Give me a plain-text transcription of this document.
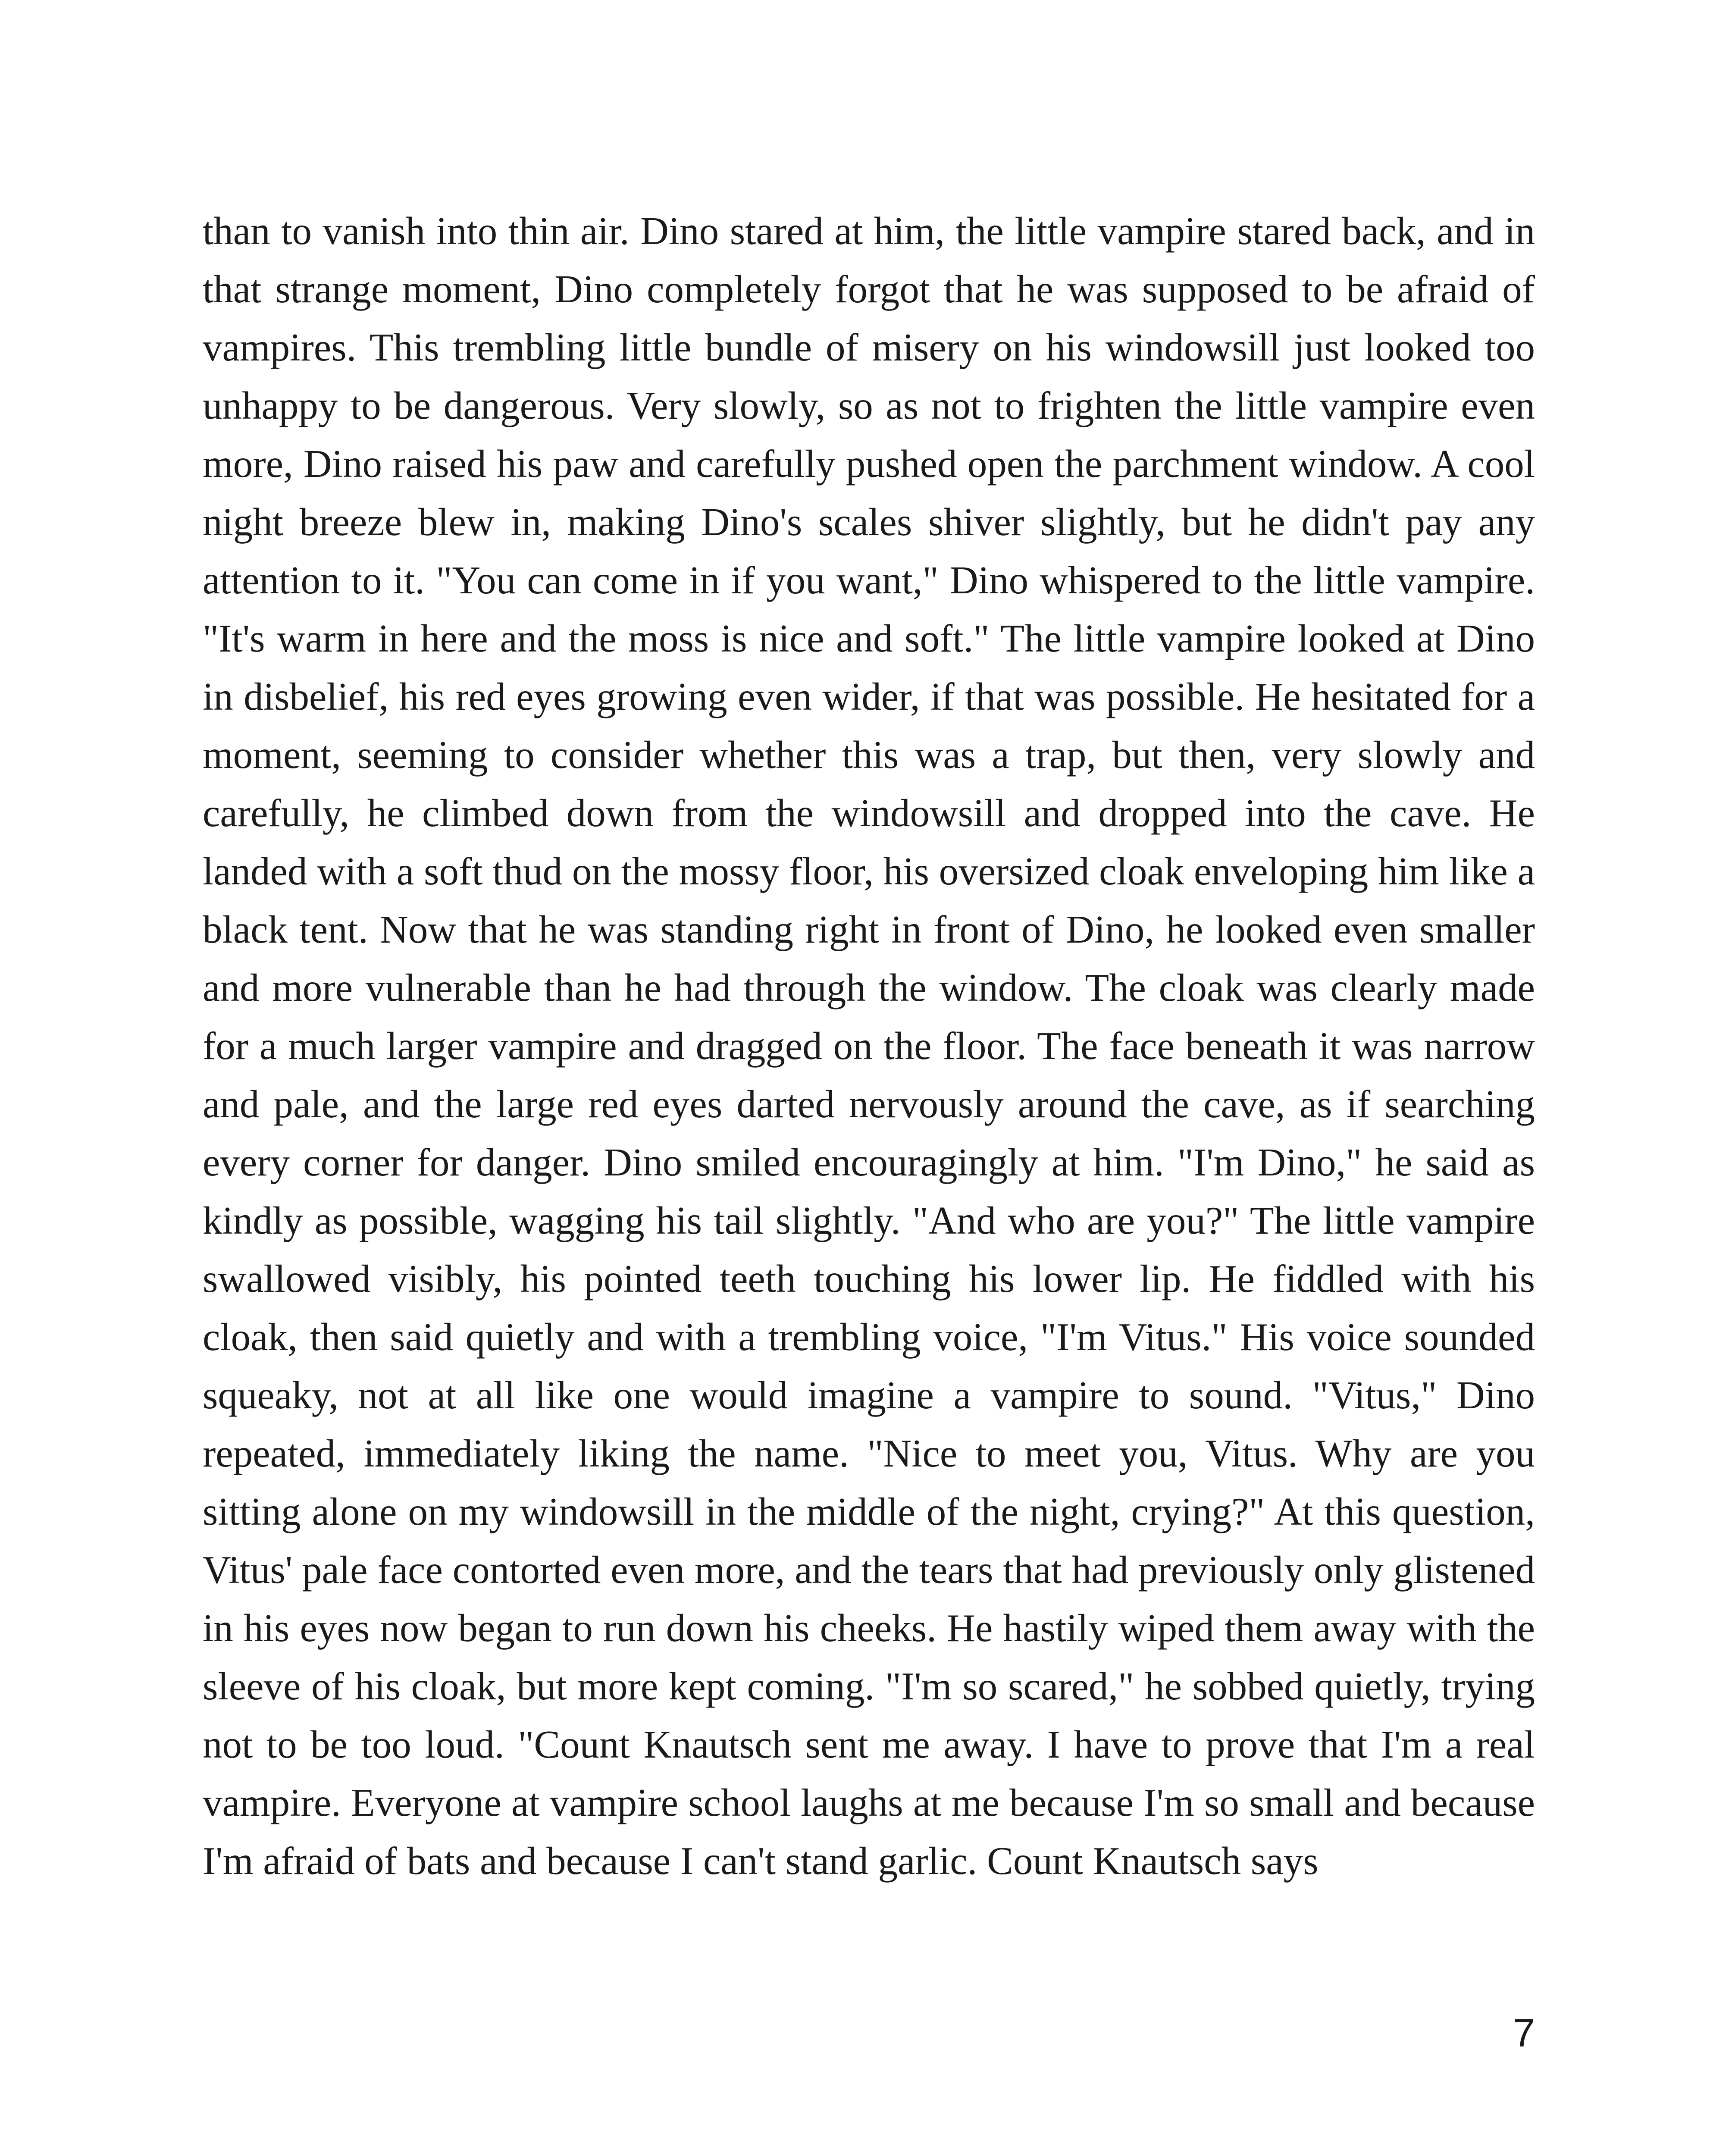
than to vanish into thin air. Dino stared at him, the little vampire stared back, and in that strange moment, Dino completely forgot that he was supposed to be afraid of vampires. This trembling little bundle of misery on his windowsill just looked too unhappy to be dangerous. Very slowly, so as not to frighten the little vampire even more, Dino raised his paw and carefully pushed open the parchment window. A cool night breeze blew in, making Dino's scales shiver slightly, but he didn't pay any attention to it. "You can come in if you want," Dino whispered to the little vampire. "It's warm in here and the moss is nice and soft." The little vampire looked at Dino in disbelief, his red eyes growing even wider, if that was possible. He hesitated for a moment, seeming to consider whether this was a trap, but then, very slowly and carefully, he climbed down from the windowsill and dropped into the cave. He landed with a soft thud on the mossy floor, his oversized cloak enveloping him like a black tent. Now that he was standing right in front of Dino, he looked even smaller and more vulnerable than he had through the window. The cloak was clearly made for a much larger vampire and dragged on the floor. The face beneath it was narrow and pale, and the large red eyes darted nervously around the cave, as if searching every corner for danger. Dino smiled encouragingly at him. "I'm Dino," he said as kindly as possible, wagging his tail slightly. "And who are you?" The little vampire swallowed visibly, his pointed teeth touching his lower lip. He fiddled with his cloak, then said quietly and with a trembling voice, "I'm Vitus." His voice sounded squeaky, not at all like one would imagine a vampire to sound. "Vitus," Dino repeated, immediately liking the name. "Nice to meet you, Vitus. Why are you sitting alone on my windowsill in the middle of the night, crying?" At this question, Vitus' pale face contorted even more, and the tears that had previously only glistened in his eyes now began to run down his cheeks. He hastily wiped them away with the sleeve of his cloak, but more kept coming. "I'm so scared," he sobbed quietly, trying not to be too loud. "Count Knautsch sent me away. I have to prove that I'm a real vampire. Everyone at vampire school laughs at me because I'm so small and because I'm afraid of bats and because I can't stand garlic. Count Knautsch says

7
